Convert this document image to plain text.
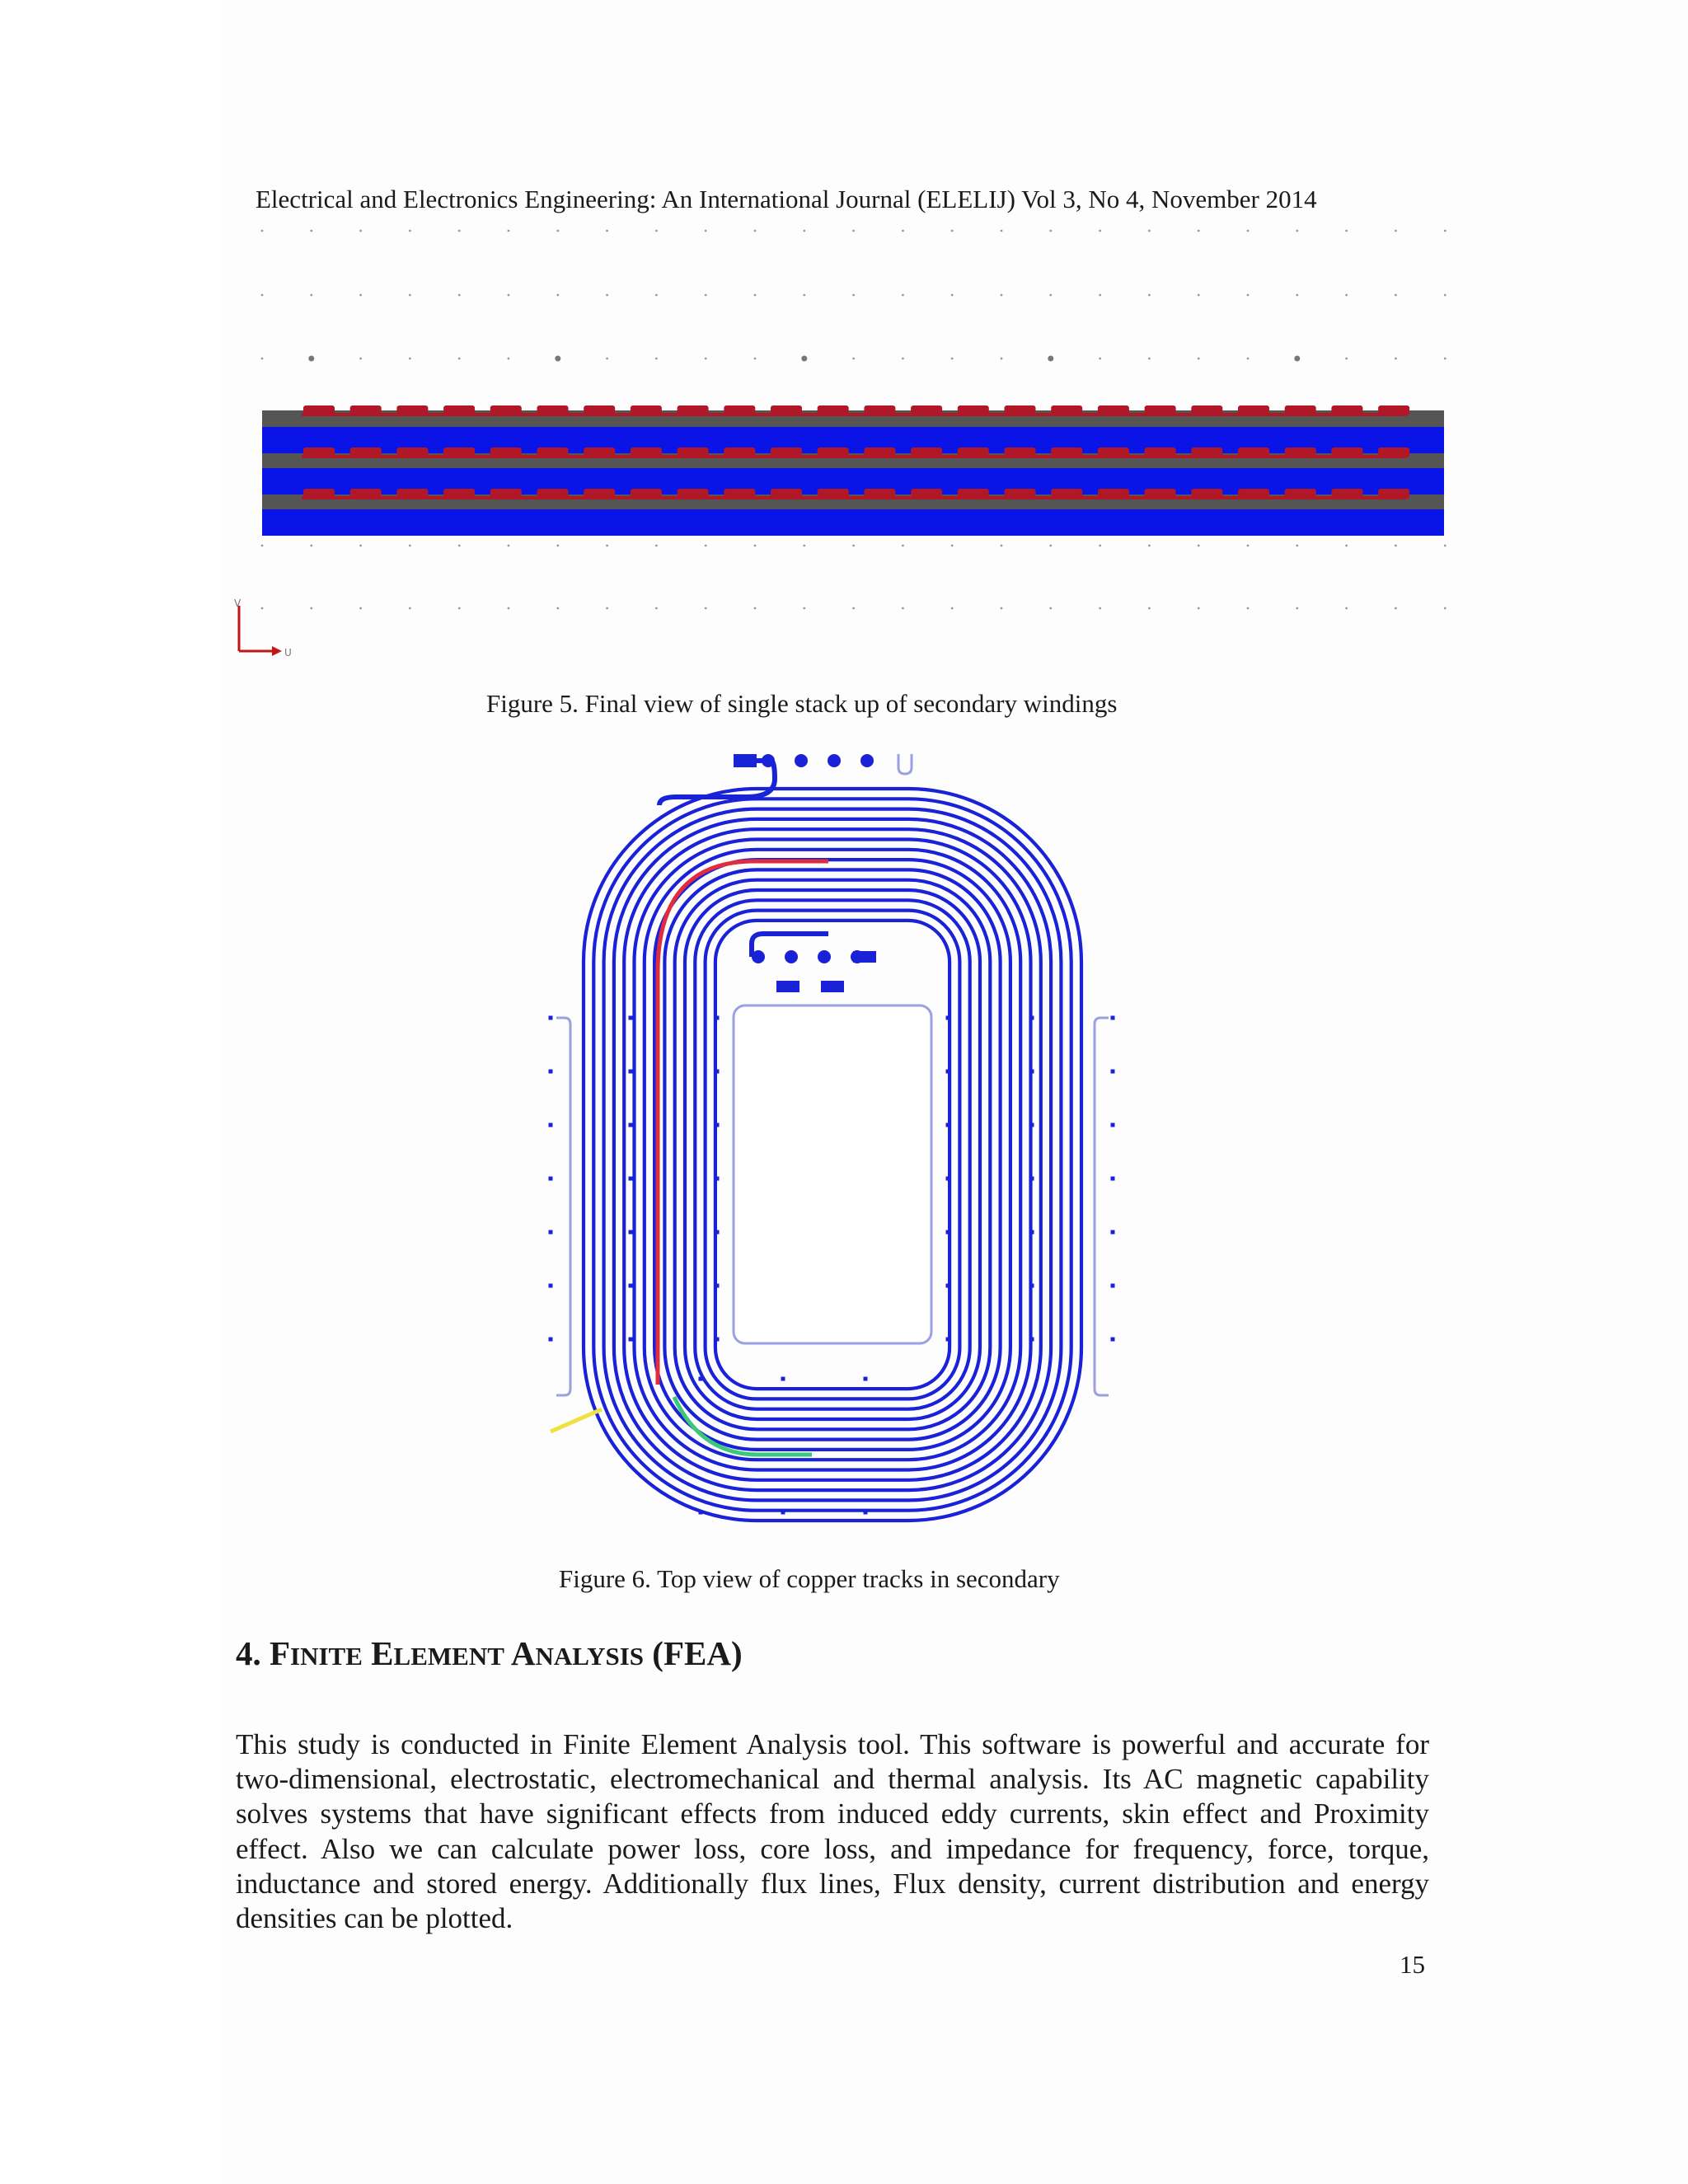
Electrical and Electronics Engineering: An International Journal (ELELIJ) Vol 3, No 4, November 2014
V
U
Figure 5. Final view of single stack up of secondary windings
Figure 6. Top view of copper tracks in secondary
4. FINITE ELEMENT ANALYSIS (FEA)

This study is conducted in Finite Element Analysis tool. This software is powerful and accurate for two-dimensional, electrostatic, electromechanical and thermal analysis. Its AC magnetic capability solves systems that have significant effects from induced eddy currents, skin effect and Proximity effect. Also we can calculate power loss, core loss, and impedance for frequency, force, torque, inductance and stored energy. Additionally flux lines, Flux density, current distribution and energy densities can be plotted.

15
